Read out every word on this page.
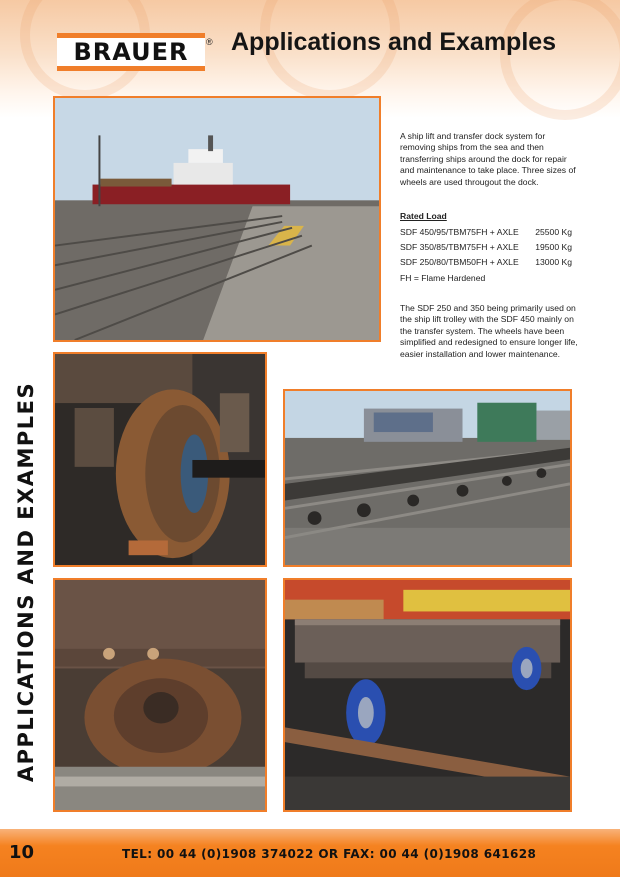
BRAUER ® Applications and Examples

A ship lift and transfer dock system for removing ships from the sea and then transferring ships around the dock for repair and maintenance to take place. Three sizes of wheels are used througout the dock.

Rated Load
SDF 450/95/TBM75FH + AXLE 25500 Kg
SDF 350/85/TBM75FH + AXLE 19500 Kg
SDF 250/80/TBM50FH + AXLE 13000 Kg
FH = Flame Hardened
The SDF 250 and 350 being primarily used on the ship lift trolley with the SDF 450 mainly on the transfer system. The wheels have been simplified and redesigned to ensure longer life, easier installation and lower maintenance.
APPLICATIONS AND EXAMPLES
10	TEL: 00 44 (0)1908 374022 OR FAX: 00 44 (0)1908 641628
